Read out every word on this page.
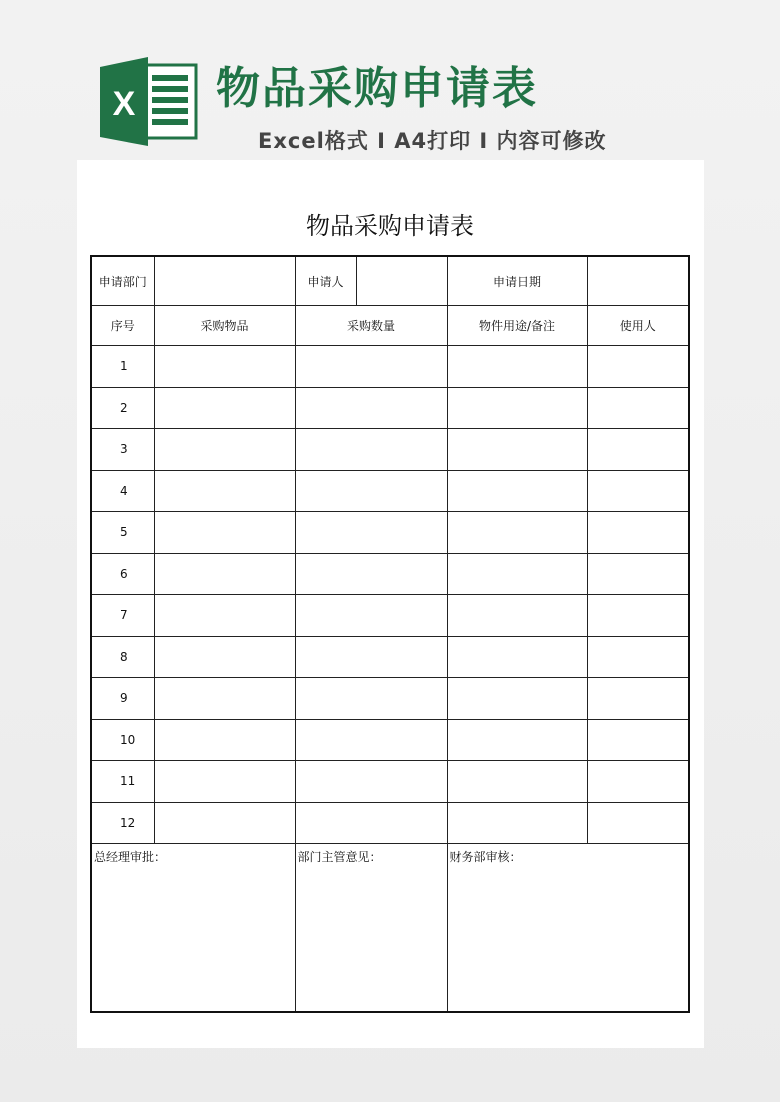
X 物品采购申请表
Excel格式 I A4打印 I 内容可修改
物品采购申请表
申请部门		申请人		申请日期	
序号	采购物品	采购数量		物件用途/备注	使用人
1					
2					
3					
4					
5					
6					
7					
8					
9					
10					
11					
12					
总经理审批：		部门主管意见：		财务部审核：	
